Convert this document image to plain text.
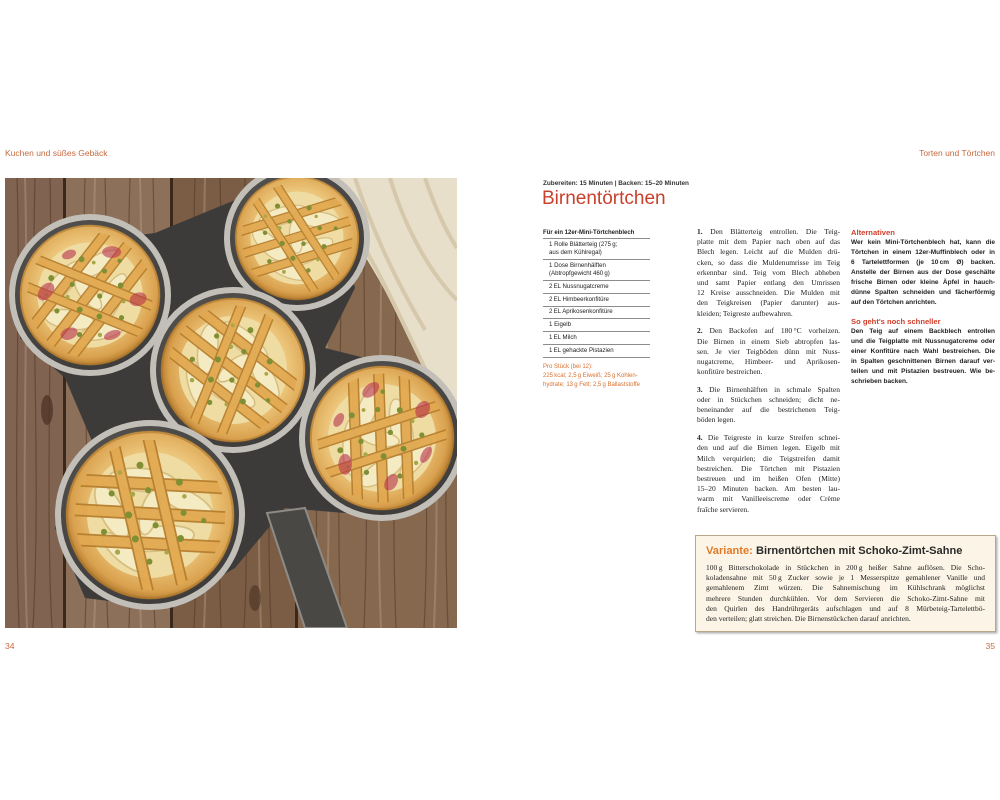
Kuchen und süßes Gebäck
34
Torten und Törtchen
35
Zubereiten: 15 Minuten | Backen: 15–20 Minuten
Birnentörtchen
Für ein 12er-Mini-Törtchenblech
1 Rolle Blätterteig (275 g;
aus dem Kühlregal)
1 Dose Birnenhälften
(Abtropfgewicht 460 g)
2 EL Nussnugatcreme
2 EL Himbeerkonfitüre
2 EL Aprikosenkonfitüre
1 Eigelb
1 EL Milch
1 EL gehackte Pistazien
Pro Stück (bei 12):
225 kcal; 2,5 g Eiweiß; 25 g Kohlen-
hydrate; 13 g Fett; 2,5 g Ballaststoffe
1. Den Blätterteig entrollen. Die Teig-
platte mit dem Papier nach oben auf das
Blech legen. Leicht auf die Mulden drü-
cken, so dass die Muldenumrisse im Teig
erkennbar sind. Teig vom Blech abheben
und samt Papier entlang den Umrissen
12 Kreise ausschneiden. Die Mulden mit
den Teigkreisen (Papier darunter) aus-
kleiden; Teigreste aufbewahren.
2. Den Backofen auf 180 °C vorheizen.
Die Birnen in einem Sieb abtropfen las-
sen. Je vier Teigböden dünn mit Nuss-
nugatcreme, Himbeer- und Aprikosen-
konfitüre bestreichen.
3. Die Birnenhälften in schmale Spalten
oder in Stückchen schneiden; dicht ne-
beneinander auf die bestrichenen Teig-
böden legen.
4. Die Teigreste in kurze Streifen schnei-
den und auf die Birnen legen. Eigelb mit
Milch verquirlen; die Teigstreifen damit
bestreichen. Die Törtchen mit Pistazien
bestreuen und im heißen Ofen (Mitte)
15–20 Minuten backen. Am besten lau-
warm mit Vanilleeiscreme oder Crème
fraîche servieren.
Alternativen
Wer kein Mini-Törtchenblech hat, kann die
Törtchen in einem 12er-Muffinblech oder in
6 Tartelettformen (je 10 cm Ø) backen.
Anstelle der Birnen aus der Dose geschälte
frische Birnen oder kleine Äpfel in hauch-
dünne Spalten schneiden und fächerförmig
auf den Törtchen anrichten.
So geht's noch schneller
Den Teig auf einem Backblech entrollen
und die Teigplatte mit Nussnugatcreme oder
einer Konfitüre nach Wahl bestreichen. Die
in Spalten geschnittenen Birnen darauf ver-
teilen und mit Pistazien bestreuen. Wie be-
schrieben backen.
Variante: Birnentörtchen mit Schoko-Zimt-Sahne
100 g Bitterschokolade in Stückchen in 200 g heißer Sahne auflösen. Die Scho-
koladensahne mit 50 g Zucker sowie je 1 Messerspitze gemahlener Vanille und
gemahlenem Zimt würzen. Die Sahnemischung im Kühlschrank möglichst
mehrere Stunden durchkühlen. Vor dem Servieren die Schoko-Zimt-Sahne mit
den Quirlen des Handrührgeräts aufschlagen und auf 8 Mürbeteig-Tartelettbö-
den verteilen; glatt streichen. Die Birnenstückchen darauf anrichten.
